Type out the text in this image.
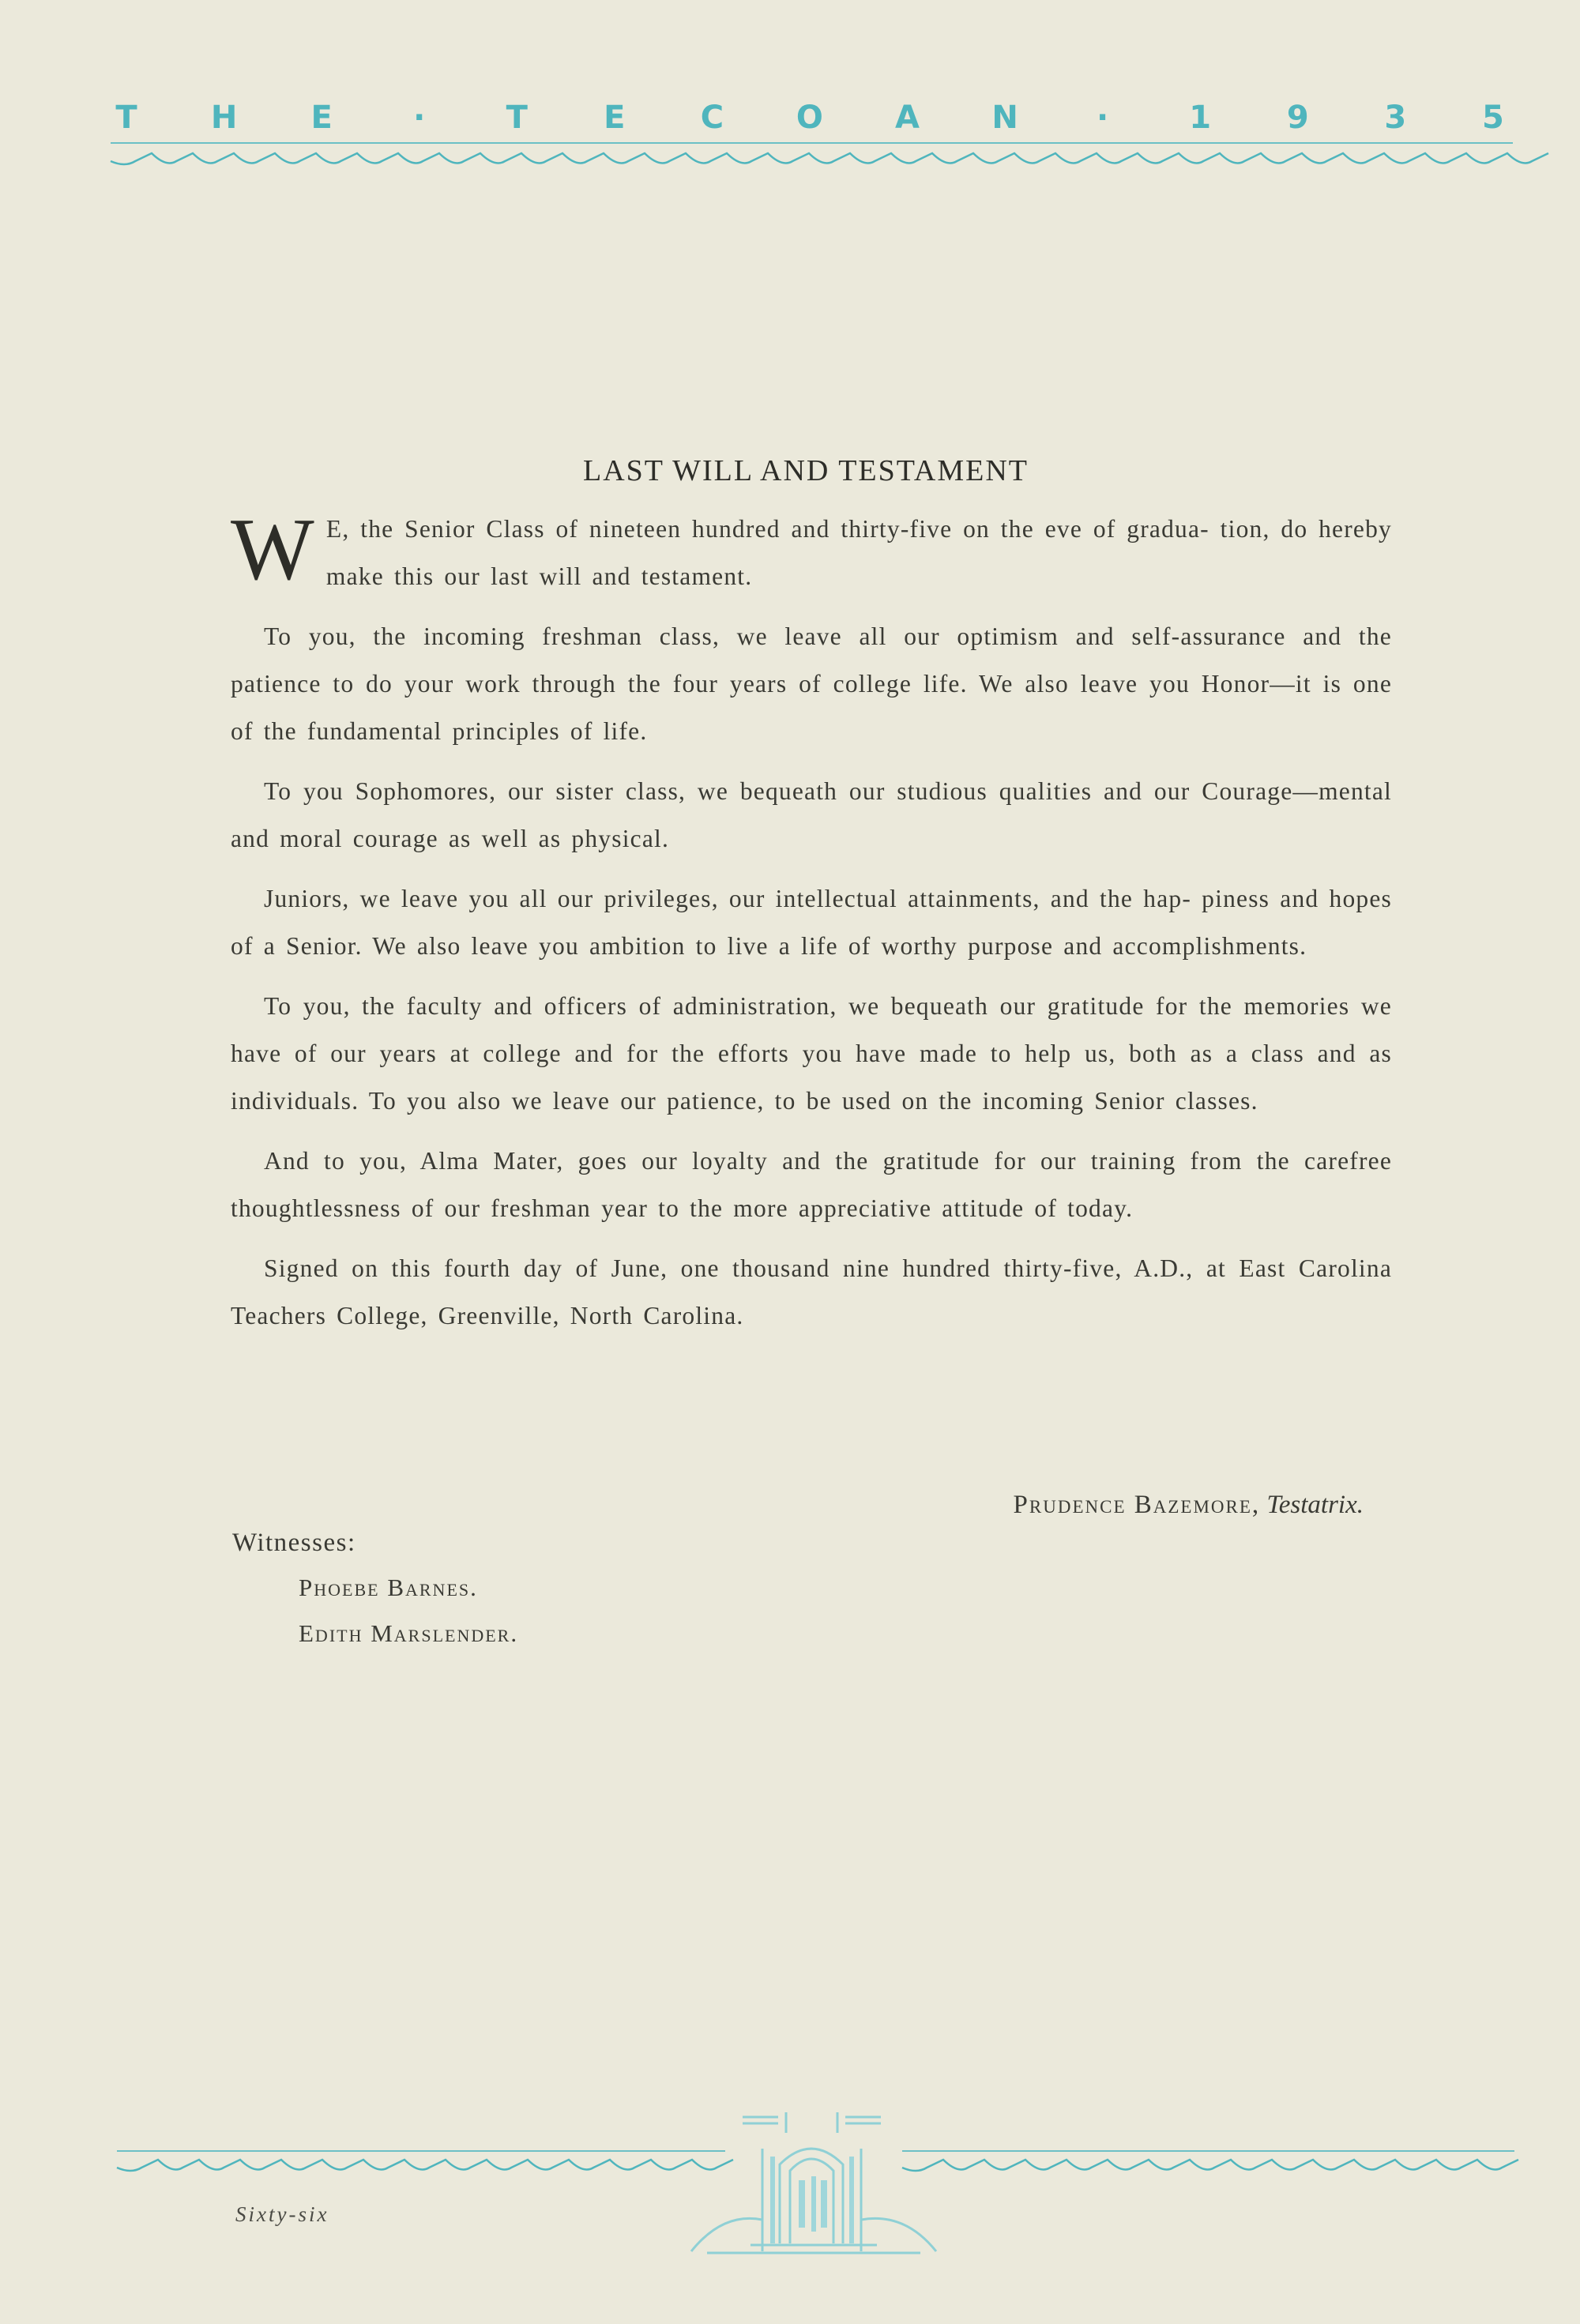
T H E	·	T E C O A N	·	1 9 3 5
LAST WILL AND TESTAMENT

W E, the Senior Class of nineteen hundred and thirty-five on the eve of gradua- tion, do hereby make this our last will and testament.

To you, the incoming freshman class, we leave all our optimism and self-assurance and the patience to do your work through the four years of college life. We also leave you Honor—it is one of the fundamental principles of life.

To you Sophomores, our sister class, we bequeath our studious qualities and our Courage—mental and moral courage as well as physical.

Juniors, we leave you all our privileges, our intellectual attainments, and the hap- piness and hopes of a Senior. We also leave you ambition to live a life of worthy purpose and accomplishments.

To you, the faculty and officers of administration, we bequeath our gratitude for the memories we have of our years at college and for the efforts you have made to help us, both as a class and as individuals. To you also we leave our patience, to be used on the incoming Senior classes.

And to you, Alma Mater, goes our loyalty and the gratitude for our training from the carefree thoughtlessness of our freshman year to the more appreciative attitude of today.

Signed on this fourth day of June, one thousand nine hundred thirty-five, A.D., at East Carolina Teachers College, Greenville, North Carolina.

Prudence Bazemore, Testatrix.
Witnesses:
Phoebe Barnes.
Edith Marslender.
Sixty-six
